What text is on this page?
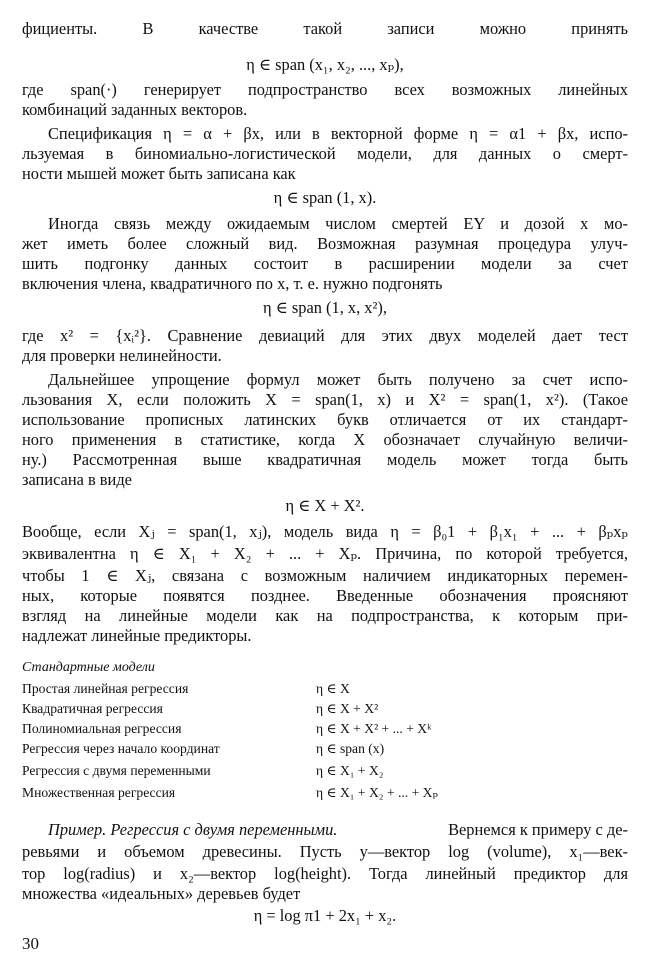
фициенты. В качестве такой записи можно принять
η ∈ span (x₁, x₂, ..., xₚ),
где span(·) генерирует подпространство всех возможных линейных
комбинаций заданных векторов.
Спецификация η = α + βx, или в векторной форме η = α1 + βx, испо-
льзуемая в биномиально-логистической модели, для данных о смерт-
ности мышей может быть записана как
η ∈ span (1, x).
Иногда связь между ожидаемым числом смертей EY и дозой x мо-
жет иметь более сложный вид. Возможная разумная процедура улуч-
шить подгонку данных состоит в расширении модели за счет
включения члена, квадратичного по x, т. е. нужно подгонять
η ∈ span (1, x, x²),
где x² = {xᵢ²}. Сравнение девиаций для этих двух моделей дает тест
для проверки нелинейности.
Дальнейшее упрощение формул может быть получено за счет испо-
льзования X, если положить X = span(1, x) и X² = span(1, x²). (Такое
использование прописных латинских букв отличается от их стандарт-
ного применения в статистике, когда X обозначает случайную величи-
ну.) Рассмотренная выше квадратичная модель может тогда быть
записана в виде
η ∈ X + X².
Вообще, если Xⱼ = span(1, xⱼ), модель вида η = β₀1 + β₁x₁ + ... + βₚxₚ
эквивалентна η ∈ X₁ + X₂ + ... + Xₚ. Причина, по которой требуется,
чтобы 1 ∈ Xⱼ, связана с возможным наличием индикаторных перемен-
ных, которые появятся позднее. Введенные обозначения проясняют
взгляд на линейные модели как на подпространства, к которым при-
надлежат линейные предикторы.
Стандартные модели
Простая линейная регрессия	η ∈ X
Квадратичная регрессия	η ∈ X + X²
Полиномиальная регрессия	η ∈ X + X² + ... + Xᵏ
Регрессия через начало координат	η ∈ span (x)
Регрессия с двумя переменными	η ∈ X₁ + X₂
Множественная регрессия	η ∈ X₁ + X₂ + ... + Xₚ
Пример. Регрессия с двумя переменными.	Вернемся к примеру с де-
ревьями и объемом древесины. Пусть y—вектор log (volume), x₁—век-
тор log(radius) и x₂—вектор log(height). Тогда линейный предиктор для
множества «идеальных» деревьев будет
η = log π1 + 2x₁ + x₂.
30
